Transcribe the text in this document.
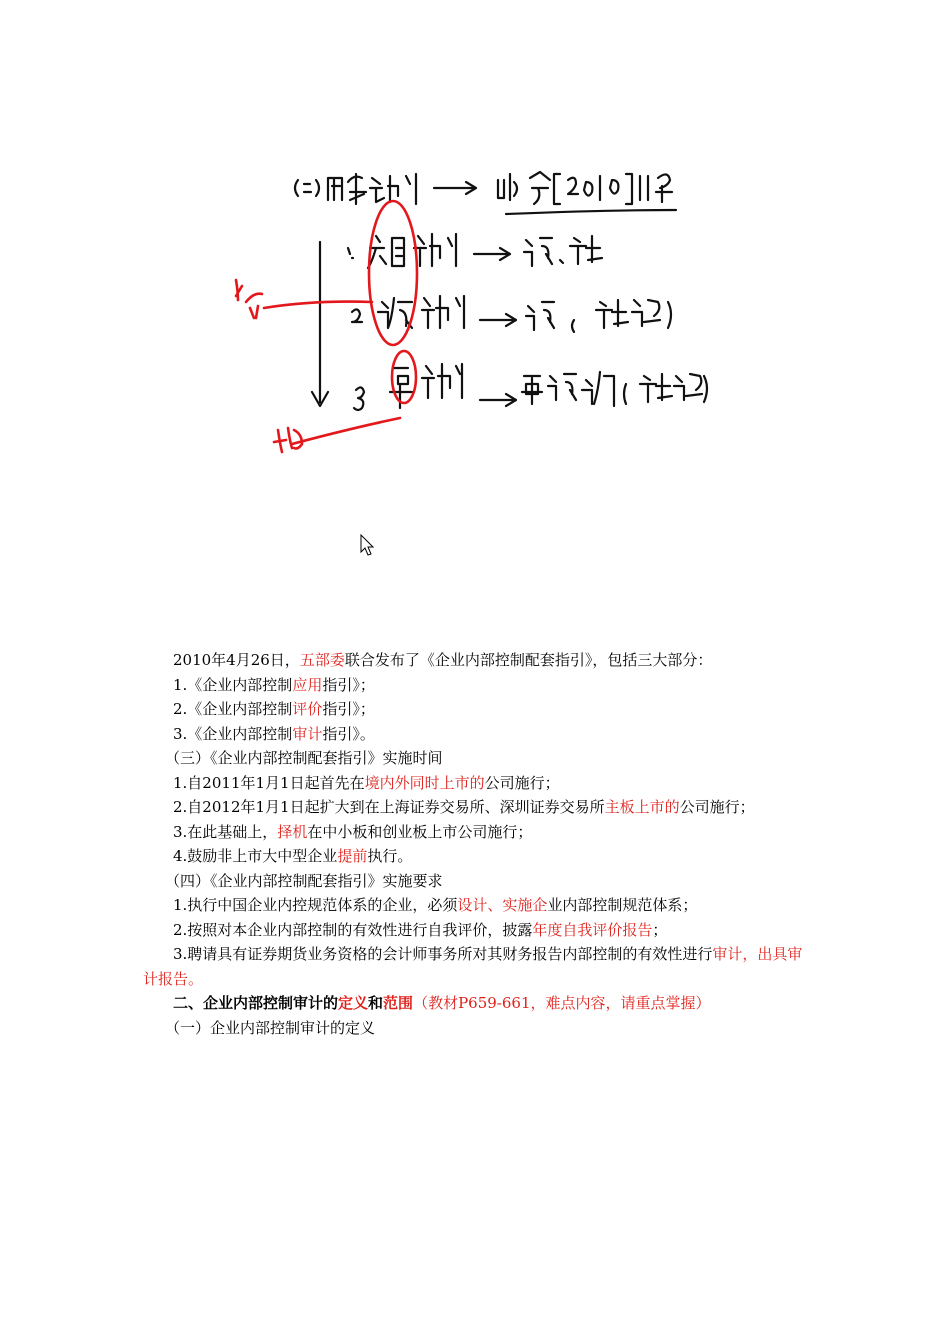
2010年4月26日，五部委联合发布了《企业内部控制配套指引》，包括三大部分：

1.《企业内部控制应用指引》；

2.《企业内部控制评价指引》；

3.《企业内部控制审计指引》。

（三）《企业内部控制配套指引》实施时间

1.自2011年1月1日起首先在境内外同时上市的公司施行；

2.自2012年1月1日起扩大到在上海证券交易所、深圳证券交易所主板上市的公司施行；

3.在此基础上，择机在中小板和创业板上市公司施行；

4.鼓励非上市大中型企业提前执行。

（四）《企业内部控制配套指引》实施要求

1.执行中国企业内控规范体系的企业，必须设计、实施企业内部控制规范体系；

2.按照对本企业内部控制的有效性进行自我评价，披露年度自我评价报告；

3.聘请具有证券期货业务资格的会计师事务所对其财务报告内部控制的有效性进行审计，出具审计报告。

二、企业内部控制审计的定义和范围（教材P659-661，难点内容，请重点掌握）

（一）企业内部控制审计的定义
